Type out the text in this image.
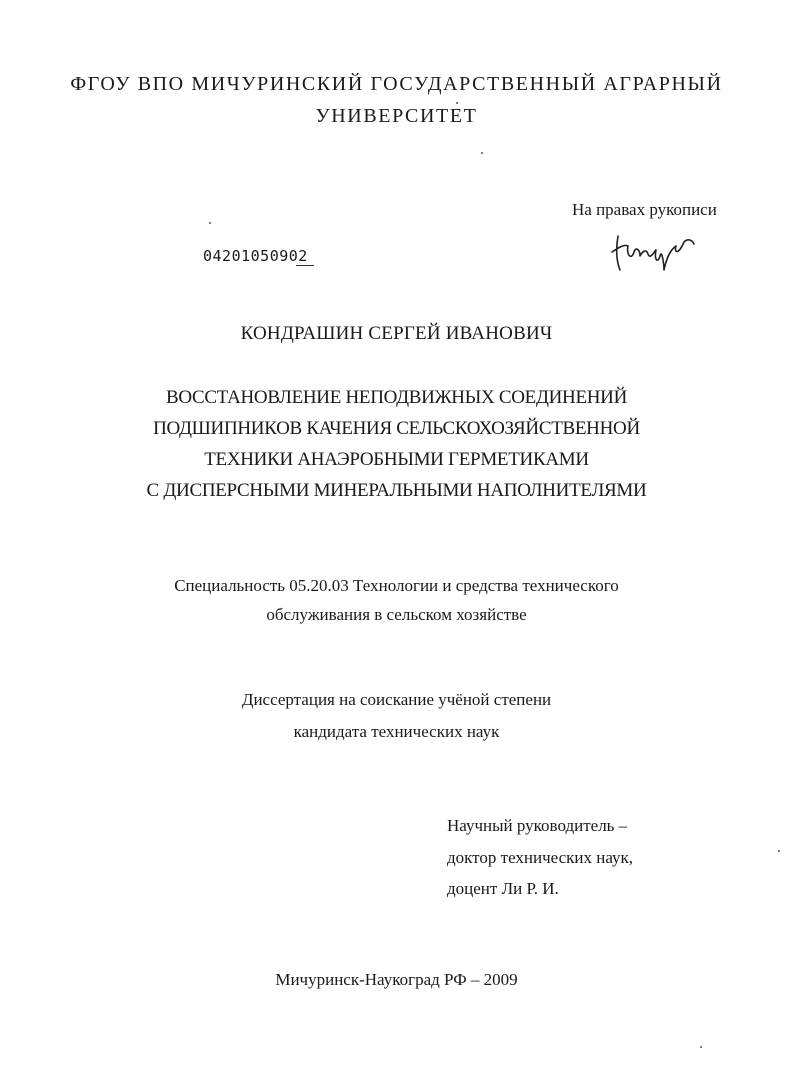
ФГОУ ВПО МИЧУРИНСКИЙ ГОСУДАРСТВЕННЫЙ АГРАРНЫЙ
УНИВЕРСИТЕТ
На правах рукописи
04201050902
КОНДРАШИН СЕРГЕЙ ИВАНОВИЧ
ВОССТАНОВЛЕНИЕ НЕПОДВИЖНЫХ СОЕДИНЕНИЙ
ПОДШИПНИКОВ КАЧЕНИЯ СЕЛЬСКОХОЗЯЙСТВЕННОЙ
ТЕХНИКИ АНАЭРОБНЫМИ ГЕРМЕТИКАМИ
С ДИСПЕРСНЫМИ МИНЕРАЛЬНЫМИ НАПОЛНИТЕЛЯМИ
Специальность 05.20.03 Технологии и средства технического
обслуживания в сельском хозяйстве
Диссертация на соискание учёной степени
кандидата технических наук
Научный руководитель –
доктор технических наук,
доцент Ли Р. И.
Мичуринск-Наукоград РФ – 2009
